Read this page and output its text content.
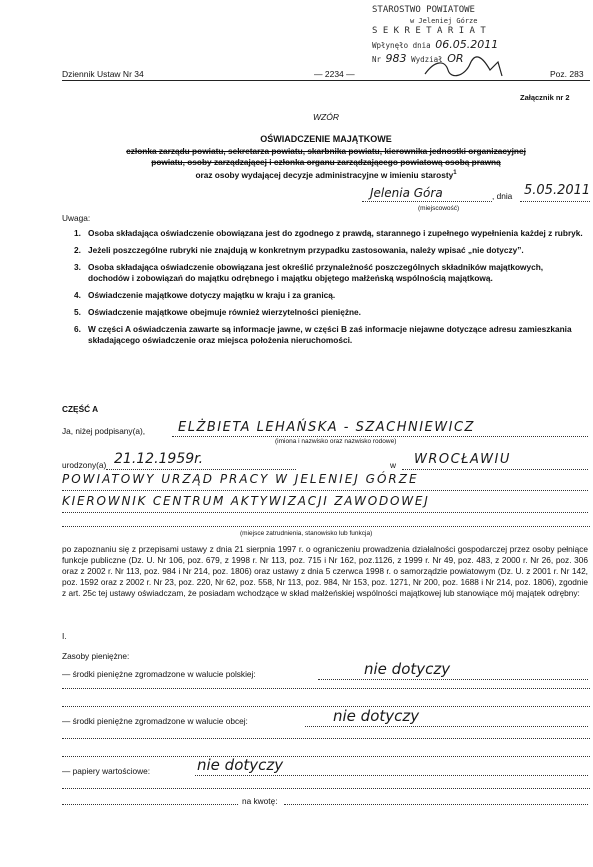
STAROSTWO POWIATOWE
w Jeleniej Górze
S E K R E T A R I A T
Wpłynęło dnia 06.05.2011
Nr 983 Wydział OR
Dziennik Ustaw Nr 34	— 2234 —	Poz. 283
Załącznik nr 2
WZÓR
OŚWIADCZENIE MAJĄTKOWE
członka zarządu powiatu, sekretarza powiatu, skarbnika powiatu, kierownika jednostki organizacyjnej
powiatu, osoby zarządzającej i członka organu zarządzającego powiatową osobą prawną
oraz osoby wydającej decyzje administracyjne w imieniu starosty$^1$
Jelenia Góra	, dnia 5.05.2011
(miejscowość)
Uwaga:
1. Osoba składająca oświadczenie obowiązana jest do zgodnego z prawdą, starannego i zupełnego wypełnienia każdej z rubryk.
2. Jeżeli poszczególne rubryki nie znajdują w konkretnym przypadku zastosowania, należy wpisać „nie dotyczy”.
3. Osoba składająca oświadczenie obowiązana jest określić przynależność poszczególnych składników majątkowych, dochodów i zobowiązań do majątku odrębnego i majątku objętego małżeńską wspólnością majątkową.
4. Oświadczenie majątkowe dotyczy majątku w kraju i za granicą.
5. Oświadczenie majątkowe obejmuje również wierzytelności pieniężne.
6. W części A oświadczenia zawarte są informacje jawne, w części B zaś informacje niejawne dotyczące adresu zamieszkania składającego oświadczenie oraz miejsca położenia nieruchomości.
CZĘŚĆ A
Ja, niżej podpisany(a),	ELŻBIETA LEHAŃSKA - SZACHNIEWICZ
(imiona i nazwisko oraz nazwisko rodowe)
urodzony(a) 21.12.1959r.	w	WROCŁAWIU
POWIATOWY URZĄD PRACY W JELENIEJ GÓRZE
KIEROWNIK CENTRUM AKTYWIZACJI ZAWODOWEJ
(miejsce zatrudnienia, stanowisko lub funkcja)
po zapoznaniu się z przepisami ustawy z dnia 21 sierpnia 1997 r. o ograniczeniu prowadzenia działalności gospodarczej przez osoby pełniące funkcje publiczne (Dz. U. Nr 106, poz. 679, z 1998 r. Nr 113, poz. 715 i Nr 162, poz.1126, z 1999 r. Nr 49, poz. 483, z 2000 r. Nr 26, poz. 306 oraz z 2002 r. Nr 113, poz. 984 i Nr 214, poz. 1806) oraz ustawy z dnia 5 czerwca 1998 r. o samorządzie powiatowym (Dz. U. z 2001 r. Nr 142, poz. 1592 oraz z 2002 r. Nr 23, poz. 220, Nr 62, poz. 558, Nr 113, poz. 984, Nr 153, poz. 1271, Nr 200, poz. 1688 i Nr 214, poz. 1806), zgodnie z art. 25c tej ustawy oświadczam, że posiadam wchodzące w skład małżeńskiej wspólności majątkowej lub stanowiące mój majątek odrębny:
I.
Zasoby pieniężne:
— środki pieniężne zgromadzone w walucie polskiej:	nie dotyczy
— środki pieniężne zgromadzone w walucie obcej:	nie dotyczy
— papiery wartościowe:	nie dotyczy
na kwotę:
